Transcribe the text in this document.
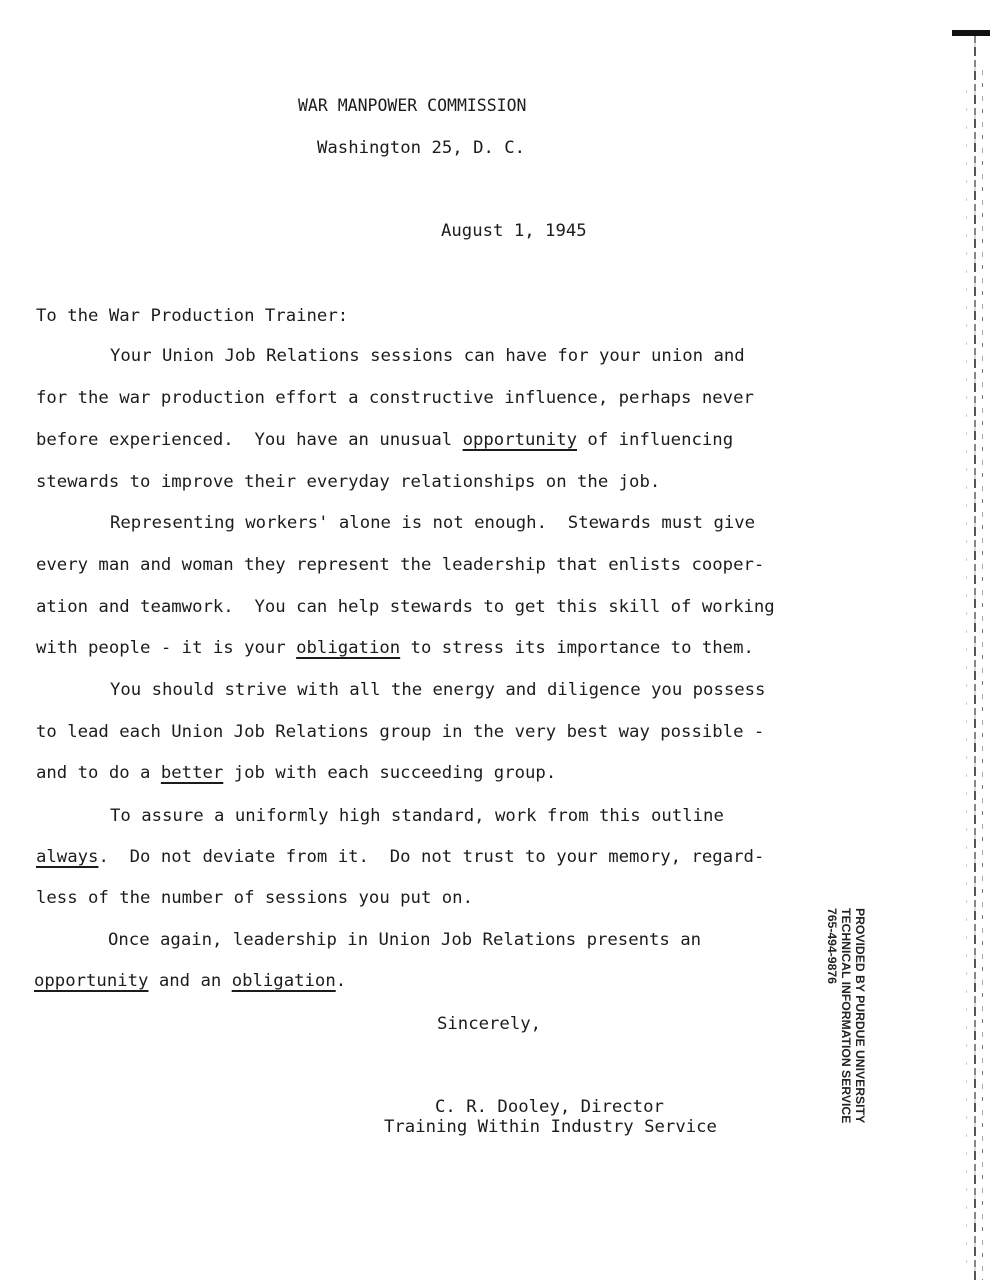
WAR MANPOWER COMMISSION
Washington 25, D. C.
August 1, 1945
To the War Production Trainer:
Your Union Job Relations sessions can have for your union and
for the war production effort a constructive influence, perhaps never
before experienced.  You have an unusual opportunity of influencing
stewards to improve their everyday relationships on the job.
Representing workers' alone is not enough.  Stewards must give
every man and woman they represent the leadership that enlists cooper-
ation and teamwork.  You can help stewards to get this skill of working
with people - it is your obligation to stress its importance to them.
You should strive with all the energy and diligence you possess
to lead each Union Job Relations group in the very best way possible -
and to do a better job with each succeeding group.
To assure a uniformly high standard, work from this outline
always.  Do not deviate from it.  Do not trust to your memory, regard-
less of the number of sessions you put on.
Once again, leadership in Union Job Relations presents an
opportunity and an obligation.
Sincerely,
C. R. Dooley, Director
Training Within Industry Service
PROVIDED BY PURDUE UNIVERSITY
TECHNICAL INFORMATION SERVICE
765-494-9876
